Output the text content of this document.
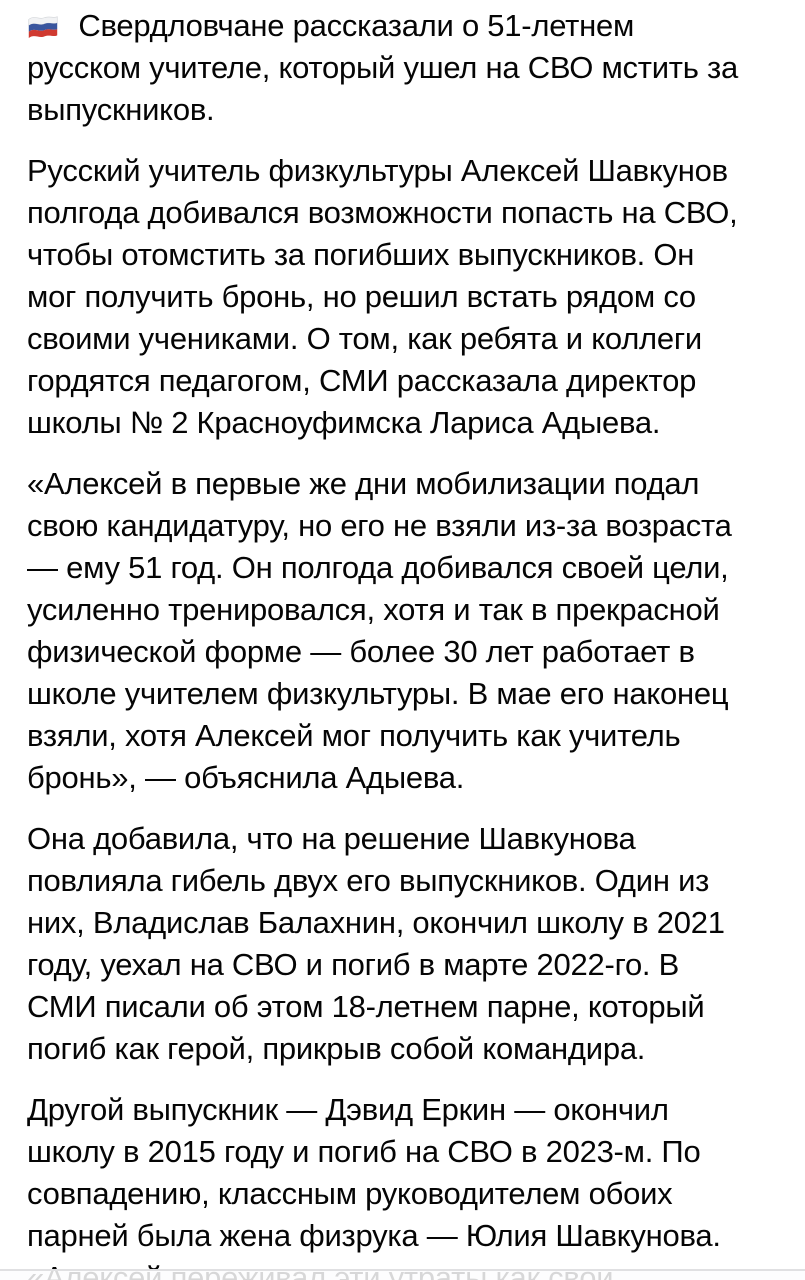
Свердловчане рассказали о 51-летнем
русском учителе, который ушел на СВО мстить за
выпускников.

Русский учитель физкультуры Алексей Шавкунов
полгода добивался возможности попасть на СВО,
чтобы отомстить за погибших выпускников. Он
мог получить бронь, но решил встать рядом со
своими учениками. О том, как ребята и коллеги
гордятся педагогом, СМИ рассказала директор
школы № 2 Красноуфимска Лариса Адыева.

«Алексей в первые же дни мобилизации подал
свою кандидатуру, но его не взяли из-за возраста
— ему 51 год. Он полгода добивался своей цели,
усиленно тренировался, хотя и так в прекрасной
физической форме — более 30 лет работает в
школе учителем физкультуры. В мае его наконец
взяли, хотя Алексей мог получить как учитель
бронь», — объяснила Адыева.

Она добавила, что на решение Шавкунова
повлияла гибель двух его выпускников. Один из
них, Владислав Балахнин, окончил школу в 2021
году, уехал на СВО и погиб в марте 2022-го. В
СМИ писали об этом 18-летнем парне, который
погиб как герой, прикрыв собой командира.

Другой выпускник — Дэвид Еркин — окончил
школу в 2015 году и погиб на СВО в 2023-м. По
совпадению, классным руководителем обоих
парней была жена физрука — Юлия Шавкунова.
